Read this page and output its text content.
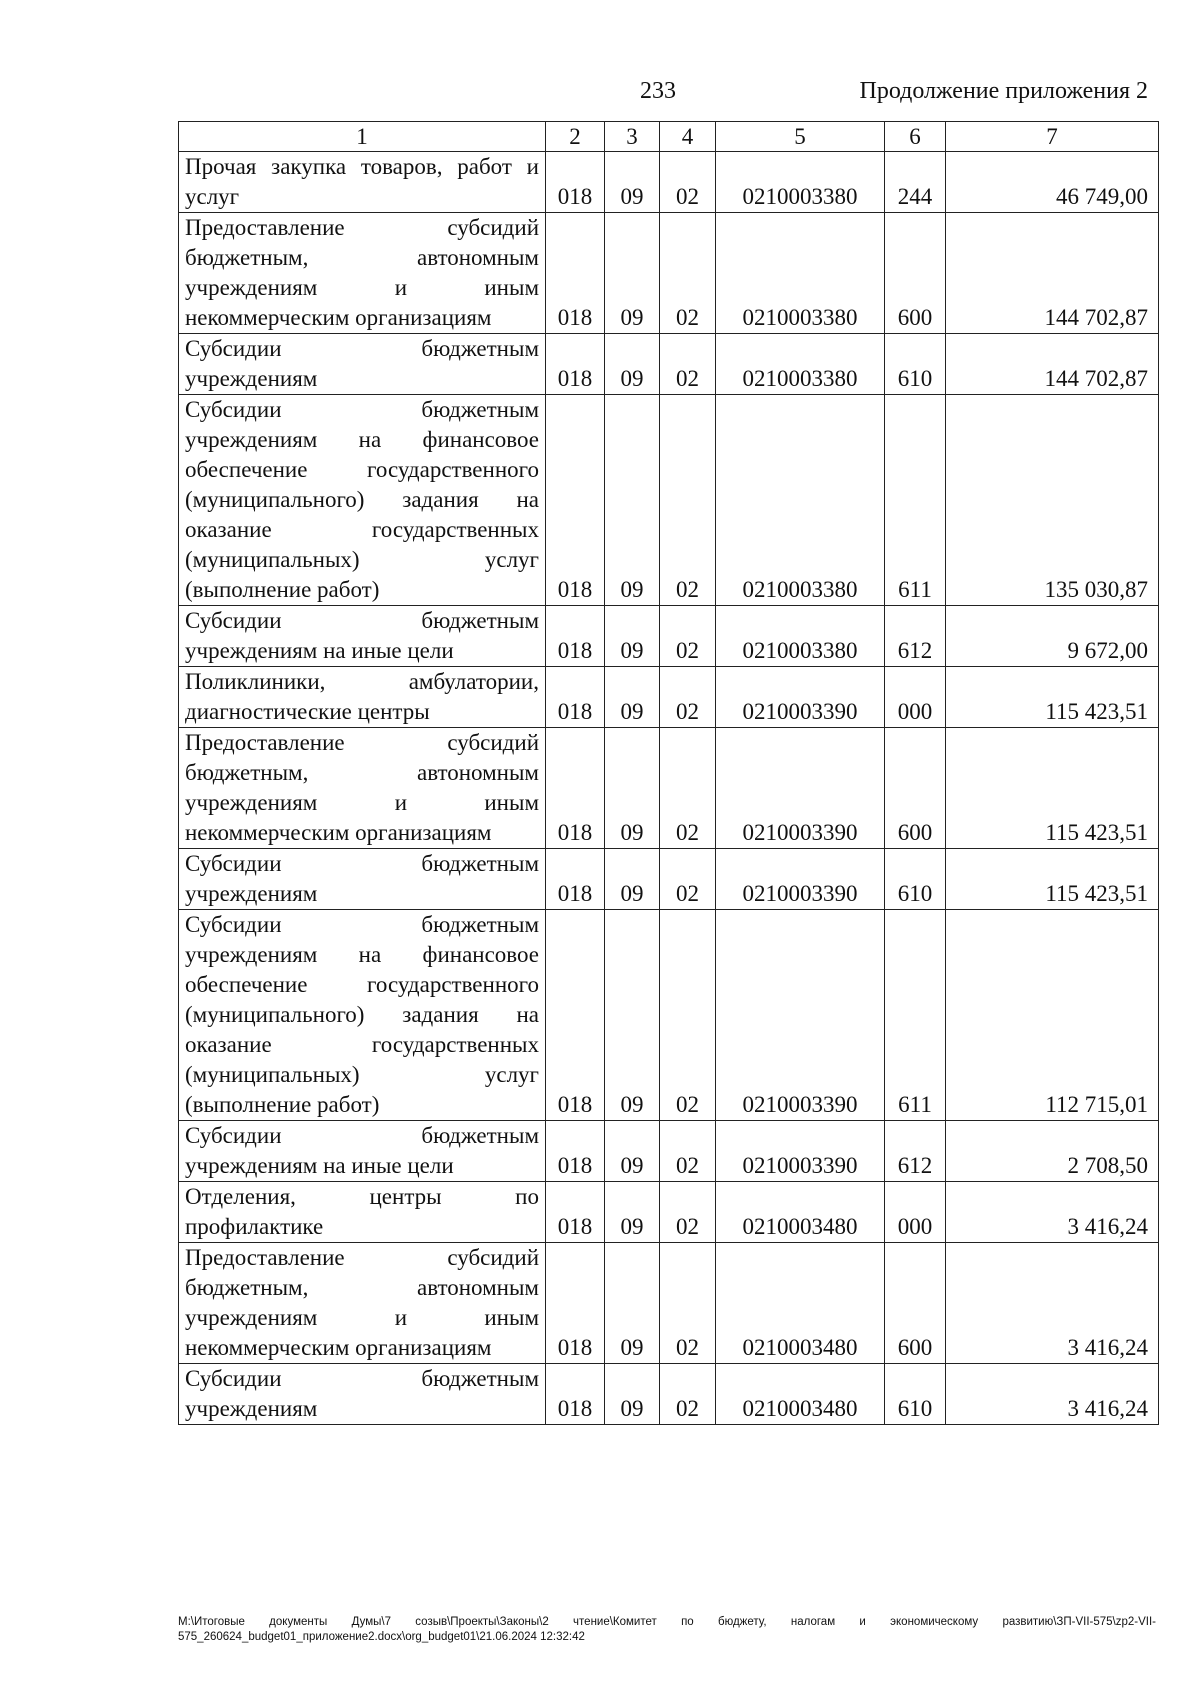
233	Продолжение приложения 2
1	2	3	4	5	6	7
Прочая закупка товаров, работ и услуг	018	09	02	0210003380	244	46 749,00
Предоставление субсидий бюджетным, автономным учреждениям и иным некоммерческим организациям	018	09	02	0210003380	600	144 702,87
Субсидии бюджетным учреждениям	018	09	02	0210003380	610	144 702,87
Субсидии бюджетным учреждениям на финансовое обеспечение государственного (муниципального) задания на оказание государственных (муниципальных) услуг (выполнение работ)	018	09	02	0210003380	611	135 030,87
Субсидии бюджетным учреждениям на иные цели	018	09	02	0210003380	612	9 672,00
Поликлиники, амбулатории, диагностические центры	018	09	02	0210003390	000	115 423,51
Предоставление субсидий бюджетным, автономным учреждениям и иным некоммерческим организациям	018	09	02	0210003390	600	115 423,51
Субсидии бюджетным учреждениям	018	09	02	0210003390	610	115 423,51
Субсидии бюджетным учреждениям на финансовое обеспечение государственного (муниципального) задания на оказание государственных (муниципальных) услуг (выполнение работ)	018	09	02	0210003390	611	112 715,01
Субсидии бюджетным учреждениям на иные цели	018	09	02	0210003390	612	2 708,50
Отделения, центры по профилактике	018	09	02	0210003480	000	3 416,24
Предоставление субсидий бюджетным, автономным учреждениям и иным некоммерческим организациям	018	09	02	0210003480	600	3 416,24
Субсидии бюджетным учреждениям	018	09	02	0210003480	610	3 416,24
M:\Итоговые документы Думы\7 созыв\Проекты\Законы\2 чтение\Комитет по бюджету, налогам и экономическому развитию\ЗП-VII-575\zp2-VII-575_260624_budget01_приложение2.docx\org_budget01\21.06.2024 12:32:42
